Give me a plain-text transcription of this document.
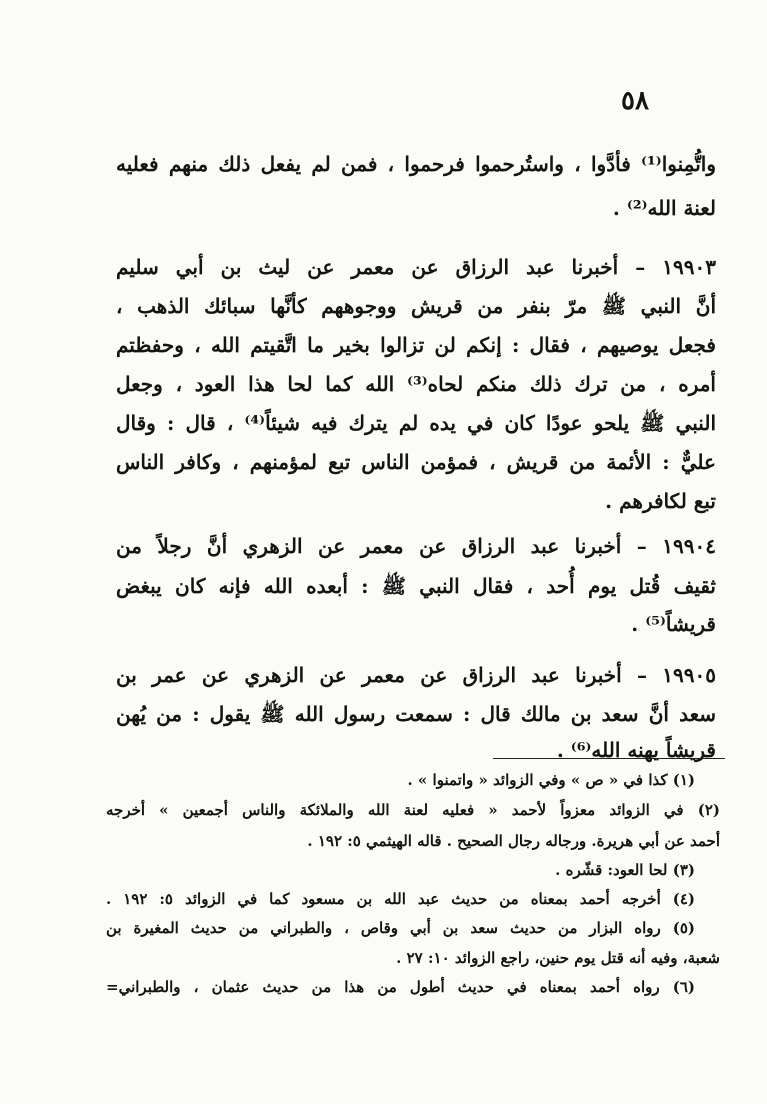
٥٨
واتُّمِنوا⁽¹⁾ فأدَّوا ، واستُرحموا فرحموا ، فمن لم يفعل ذلك منهم فعليه
لعنة الله⁽²⁾ .
١٩٩٠٣ – أخبرنا عبد الرزاق عن معمر عن ليث بن أبي سليم
أنَّ النبي ﷺ مرّ بنفر من قريش ووجوههم كأنَّها سبائك الذهب ،
فجعل يوصيهم ، فقال : إنكم لن تزالوا بخير ما اتَّقيتم الله ، وحفظتم
أمره ، من ترك ذلك منكم لحاه⁽³⁾ الله كما لحا هذا العود ، وجعل
النبي ﷺ يلحو عودًا كان في يده لم يترك فيه شيئاً⁽⁴⁾ ، قال : وقال
عليٌّ : الأئمة من قريش ، فمؤمن الناس تبع لمؤمنهم ، وكافر الناس
تبع لكافرهم .
١٩٩٠٤ – أخبرنا عبد الرزاق عن معمر عن الزهري أنَّ رجلاً من
ثقيف قُتل يوم أُحد ، فقال النبي ﷺ : أبعده الله فإنه كان يبغض
قريشاً⁽⁵⁾ .
١٩٩٠٥ – أخبرنا عبد الرزاق عن معمر عن الزهري عن عمر بن
سعد أنَّ سعد بن مالك قال : سمعت رسول الله ﷺ يقول : من يُهن
قريشاً يهنه الله⁽⁶⁾ .
(١) كذا في « ص » وفي الزوائد « واتمنوا » .
(٢) في الزوائد معزواً لأحمد « فعليه لعنة الله والملائكة والناس أجمعين » أخرجه
أحمد عن أبي هريرة. ورجاله رجال الصحيح . قاله الهيثمي ٥: ١٩٢ .
(٣) لحا العود: قشّره .
(٤) أخرجه أحمد بمعناه من حديث عبد الله بن مسعود كما في الزوائد ٥: ١٩٢ .
(٥) رواه البزار من حديث سعد بن أبي وقاص ، والطبراني من حديث المغيرة بن
شعبة، وفيه أنه قتل يوم حنين، راجع الزوائد ١٠: ٢٧ .
(٦) رواه أحمد بمعناه في حديث أطول من هذا من حديث عثمان ، والطبراني=
